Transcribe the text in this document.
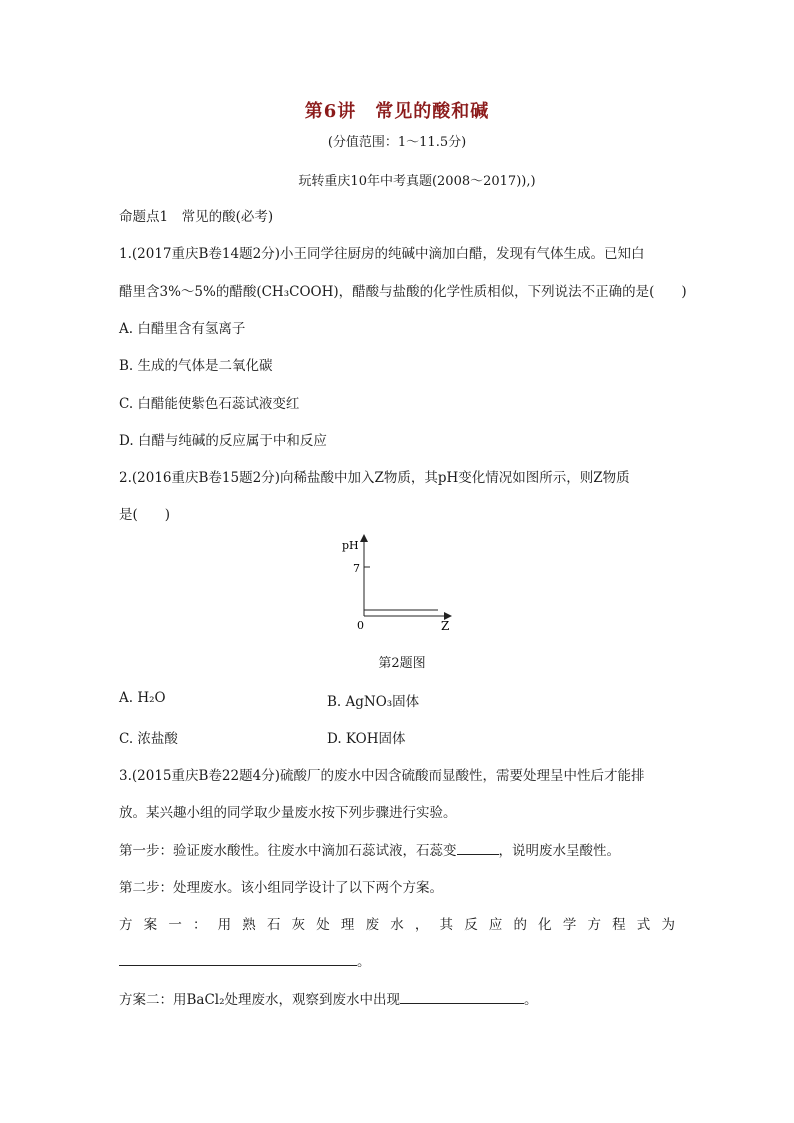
第6讲　常见的酸和碱
(分值范围：1～11.5分)
玩转重庆10年中考真题(2008～2017)),)
命题点1　常见的酸(必考)
1.(2017重庆B卷14题2分)小王同学往厨房的纯碱中滴加白醋，发现有气体生成。已知白
醋里含3%～5%的醋酸(CH₃COOH)，醋酸与盐酸的化学性质相似，下列说法不正确的是(　　)
A. 白醋里含有氢离子
B. 生成的气体是二氧化碳
C. 白醋能使紫色石蕊试液变红
D. 白醋与纯碱的反应属于中和反应
2.(2016重庆B卷15题2分)向稀盐酸中加入Z物质，其pH变化情况如图所示，则Z物质
是(　　)
pH
7
0	Z
第2题图
A. H₂O	B. AgNO₃固体
C. 浓盐酸	D. KOH固体
3.(2015重庆B卷22题4分)硫酸厂的废水中因含硫酸而显酸性，需要处理呈中性后才能排
放。某兴趣小组的同学取少量废水按下列步骤进行实验。
第一步：验证废水酸性。往废水中滴加石蕊试液，石蕊变	，说明废水呈酸性。
第二步：处理废水。该小组同学设计了以下两个方案。
方 案 一 ： 用 熟 石 灰 处 理 废 水 ， 其 反 应 的 化 学 方 程 式 为
。
方案二：用BaCl₂处理废水，观察到废水中出现	。
